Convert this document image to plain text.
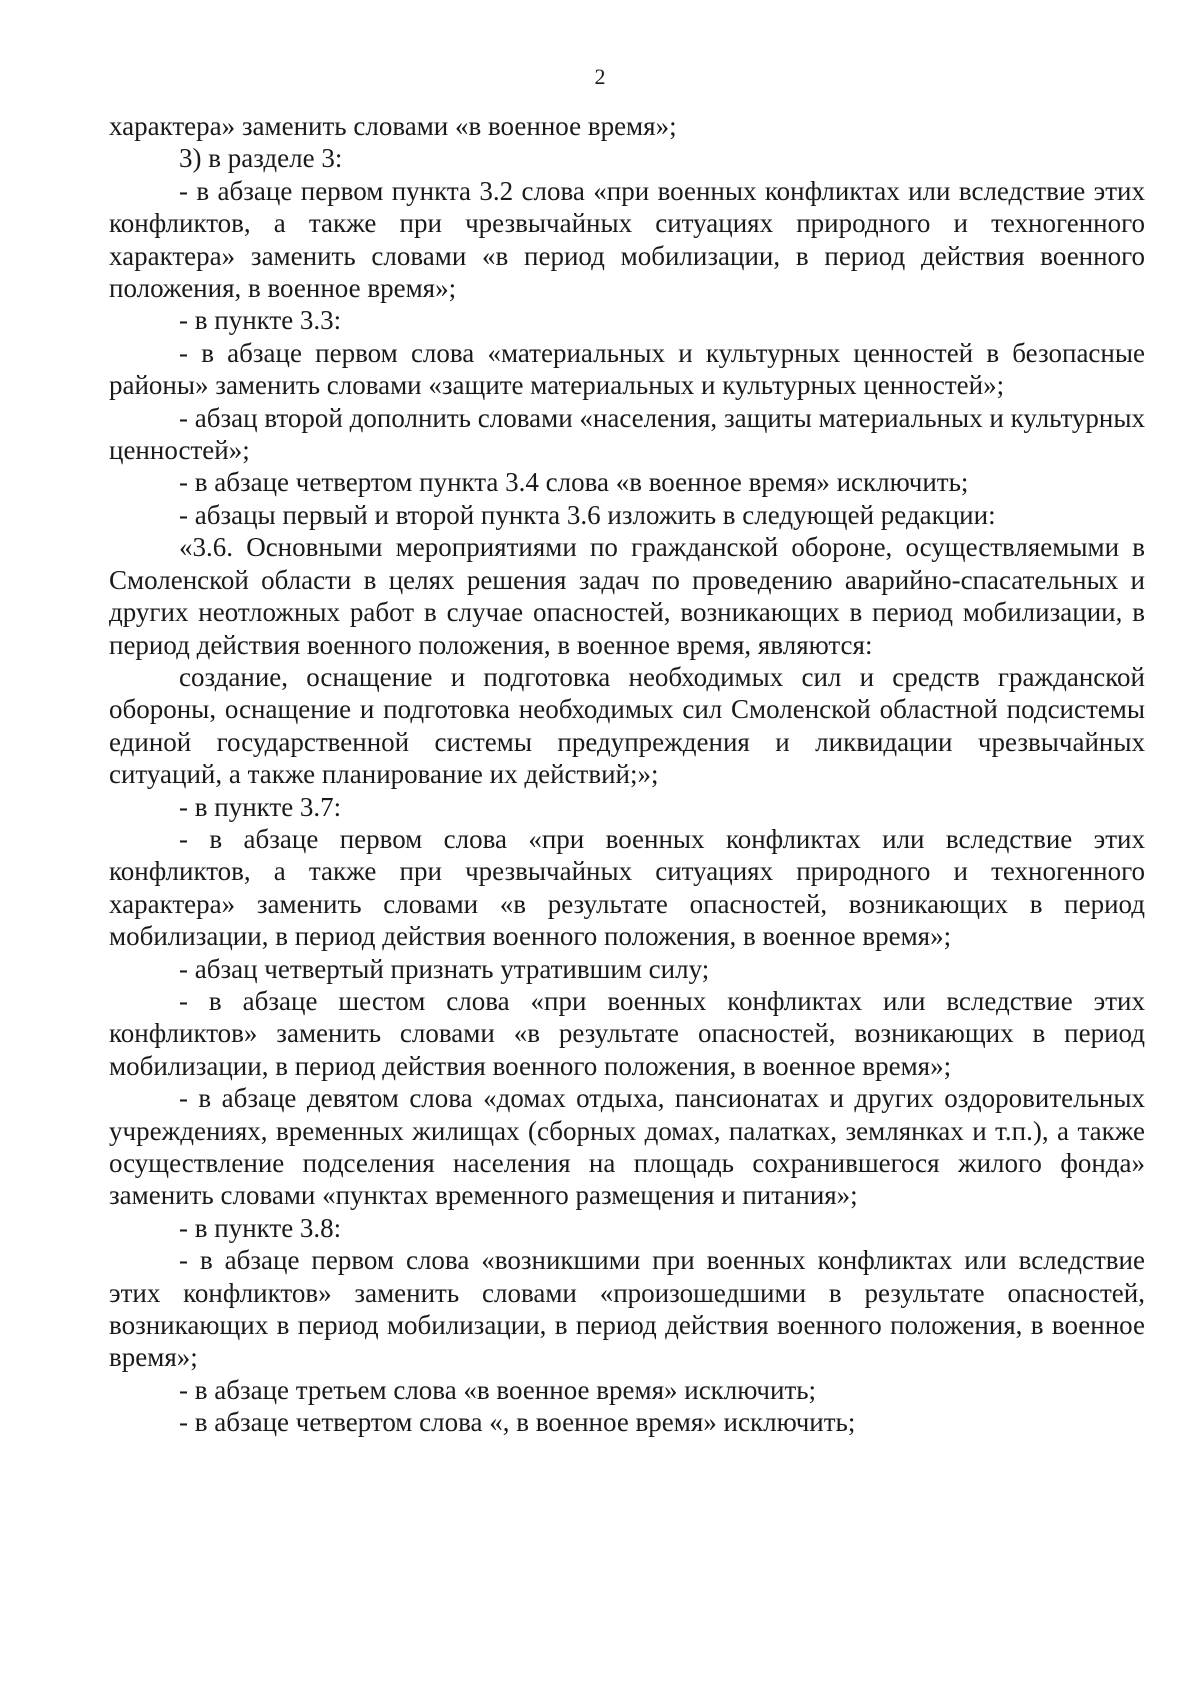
2

характера» заменить словами «в военное время»;

3) в разделе 3:

- в абзаце первом пункта 3.2 слова «при военных конфликтах или вследствие этих конфликтов, а также при чрезвычайных ситуациях природного и техногенного характера» заменить словами «в период мобилизации, в период действия военного положения, в военное время»;

- в пункте 3.3:

- в абзаце первом слова «материальных и культурных ценностей в безопасные районы» заменить словами «защите материальных и культурных ценностей»;

- абзац второй дополнить словами «населения, защиты материальных и культурных ценностей»;

- в абзаце четвертом пункта 3.4 слова «в военное время» исключить;

- абзацы первый и второй пункта 3.6 изложить в следующей редакции:

«3.6. Основными мероприятиями по гражданской обороне, осуществляемыми в Смоленской области в целях решения задач по проведению аварийно-спасательных и других неотложных работ в случае опасностей, возникающих в период мобилизации, в период действия военного положения, в военное время, являются:

создание, оснащение и подготовка необходимых сил и средств гражданской обороны, оснащение и подготовка необходимых сил Смоленской областной подсистемы единой государственной системы предупреждения и ликвидации чрезвычайных ситуаций, а также планирование их действий;»;

- в пункте 3.7:

- в абзаце первом слова «при военных конфликтах или вследствие этих конфликтов, а также при чрезвычайных ситуациях природного и техногенного характера» заменить словами «в результате опасностей, возникающих в период мобилизации, в период действия военного положения, в военное время»;

- абзац четвертый признать утратившим силу;

- в абзаце шестом слова «при военных конфликтах или вследствие этих конфликтов» заменить словами «в результате опасностей, возникающих в период мобилизации, в период действия военного положения, в военное время»;

- в абзаце девятом слова «домах отдыха, пансионатах и других оздоровительных учреждениях, временных жилищах (сборных домах, палатках, землянках и т.п.), а также осуществление подселения населения на площадь сохранившегося жилого фонда» заменить словами «пунктах временного размещения и питания»;

- в пункте 3.8:

- в абзаце первом слова «возникшими при военных конфликтах или вследствие этих конфликтов» заменить словами «произошедшими в результате опасностей, возникающих в период мобилизации, в период действия военного положения, в военное время»;

- в абзаце третьем слова «в военное время» исключить;

- в абзаце четвертом слова «, в военное время» исключить;
